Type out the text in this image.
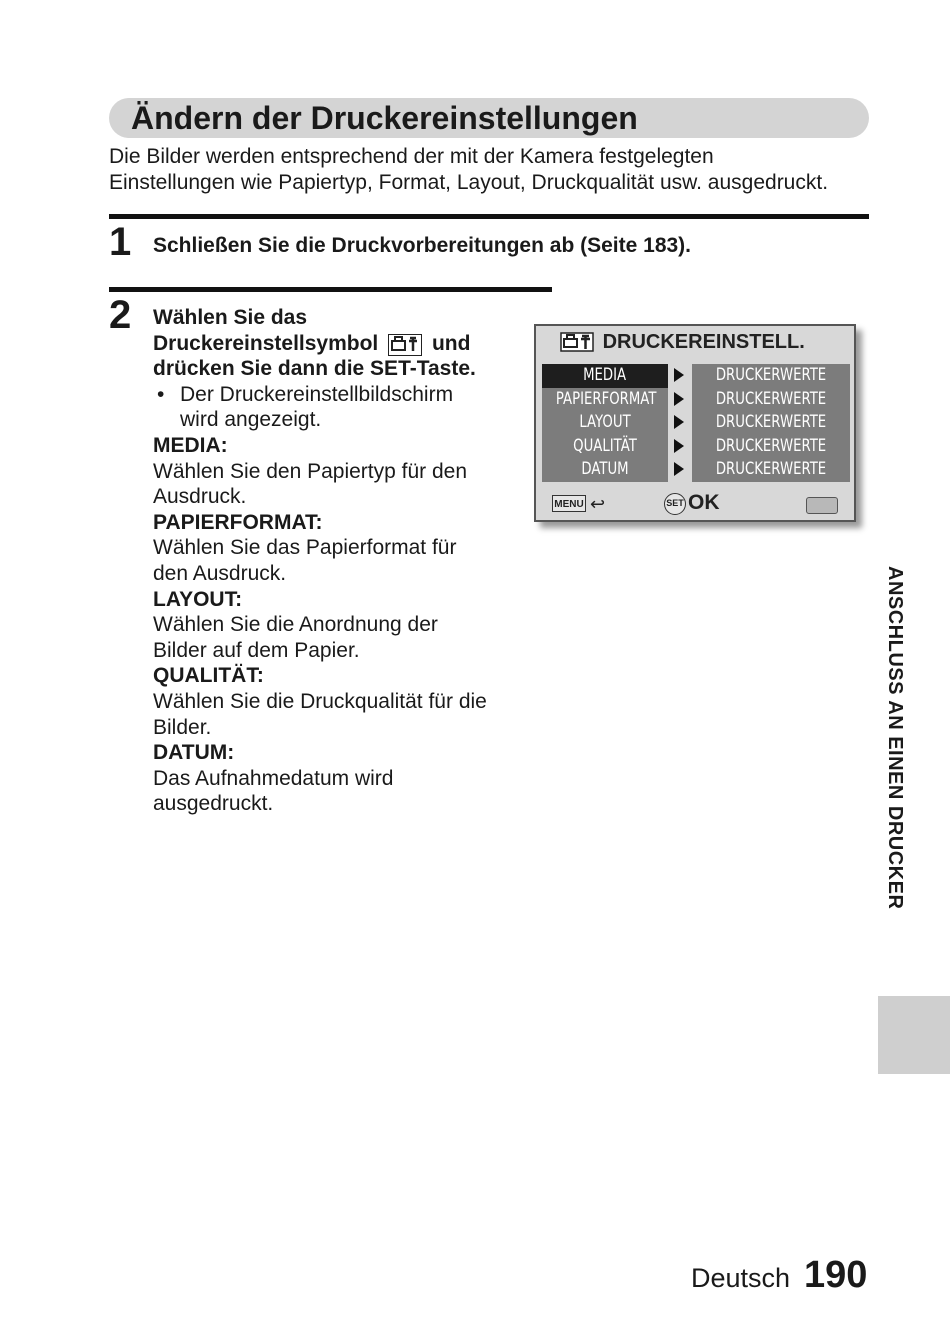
Ändern der Druckereinstellungen
Die Bilder werden entsprechend der mit der Kamera festgelegten
Einstellungen wie Papiertyp, Format, Layout, Druckqualität usw. ausgedruckt.
1 Schließen Sie die Druckvorbereitungen ab (Seite 183).
2 Wählen Sie das
Druckereinstellsymbol	und
drücken Sie dann die SET-Taste.
• Der Druckereinstellbildschirm
wird angezeigt.
MEDIA:
Wählen Sie den Papiertyp für den
Ausdruck.
PAPIERFORMAT:
Wählen Sie das Papierformat für
den Ausdruck.
LAYOUT:
Wählen Sie die Anordnung der
Bilder auf dem Papier.
QUALITÄT:
Wählen Sie die Druckqualität für die
Bilder.
DATUM:
Das Aufnahmedatum wird
ausgedruckt.
DRUCKEREINSTELL.
MEDIA
PAPIERFORMAT
LAYOUT
QUALITÄT
DATUM
DRUCKERWERTE
DRUCKERWERTE
DRUCKERWERTE
DRUCKERWERTE
DRUCKERWERTE
MENU ↩	SET OK
ANSCHLUSS AN EINEN DRUCKER
Deutsch 190
